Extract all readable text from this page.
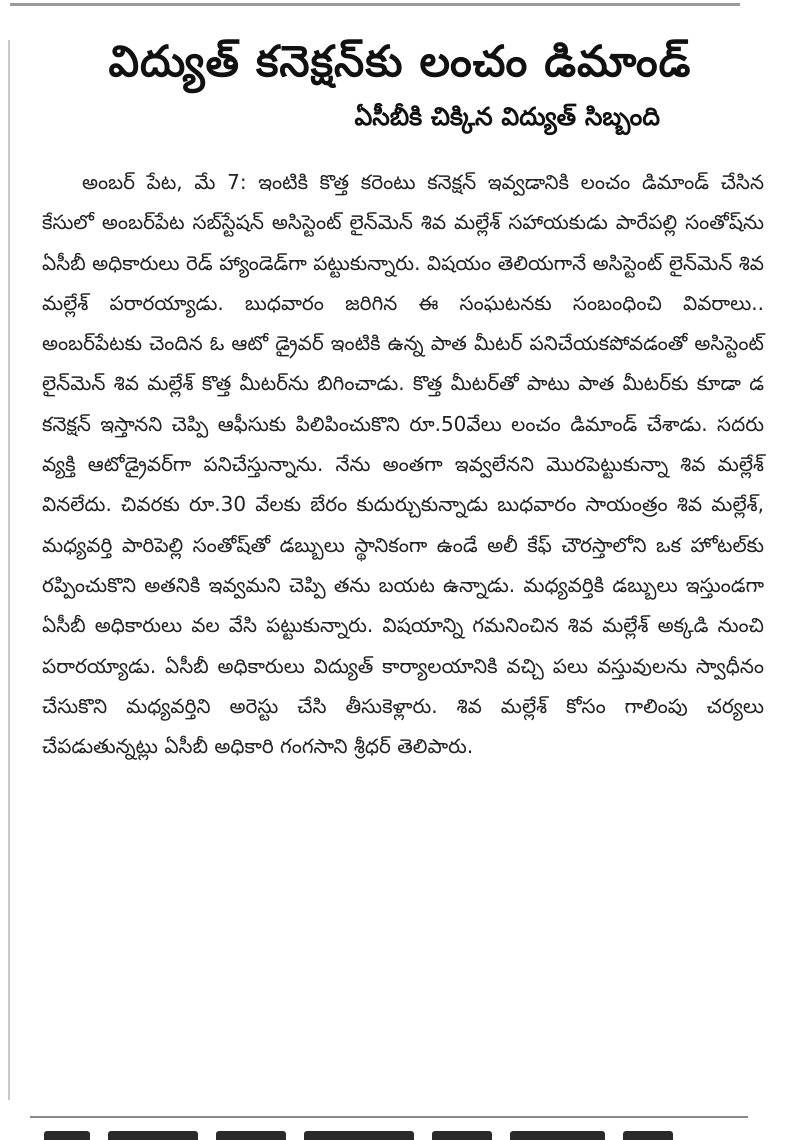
విద్యుత్ కనెక్షన్‌కు లంచం డిమాండ్
ఏసీబీకి చిక్కిన విద్యుత్ సిబ్బంది

అంబర్ పేట, మే 7: ఇంటికి కొత్త కరెంటు కనెక్షన్ ఇవ్వడానికి లంచం డిమాండ్ చేసిన కేసులో అంబర్‌పేట సబ్‌స్టేషన్ అసిస్టెంట్ లైన్‌మెన్ శివ మల్లేశ్ సహాయకుడు పారేపల్లి సంతోష్‌ను ఏసీబీ అధికారులు రెడ్ హ్యాండెడ్‌గా పట్టుకున్నారు. విషయం తెలియగానే అసిస్టెంట్ లైన్‌మెన్ శివ మల్లేశ్ పరారయ్యాడు. బుధవారం జరిగిన ఈ సంఘటనకు సంబంధించి వివరాలు.. అంబర్‌పేటకు చెందిన ఓ ఆటో డ్రైవర్ ఇంటికి ఉన్న పాత మీటర్ పనిచేయకపోవడంతో అసిస్టెంట్ లైన్‌మెన్ శివ మల్లేశ్ కొత్త మీటర్‌ను బిగించాడు. కొత్త మీటర్‌తో పాటు పాత మీటర్‌కు కూడా డ కనెక్షన్ ఇస్తానని చెప్పి ఆఫీసుకు పిలిపించుకొని రూ.50వేలు లంచం డిమాండ్ చేశాడు. సదరు వ్యక్తి ఆటోడ్రైవర్‌గా పనిచేస్తున్నాను. నేను అంతగా ఇవ్వలేనని మొరపెట్టుకున్నా శివ మల్లేశ్ వినలేదు. చివరకు రూ.30 వేలకు బేరం కుదుర్చుకున్నాడు బుధవారం సాయంత్రం శివ మల్లేశ్, మధ్యవర్తి పారిపెల్లి సంతోష్‌తో డబ్బులు స్థానికంగా ఉండే అలీ కేఫ్ చౌరస్తాలోని ఒక హోటల్‌కు రప్పించుకొని అతనికి ఇవ్వమని చెప్పి తను బయట ఉన్నాడు. మధ్యవర్తికి డబ్బులు ఇస్తుండగా ఏసీబీ అధికారులు వల వేసి పట్టుకున్నారు. విషయాన్ని గమనించిన శివ మల్లేశ్ అక్కడి నుంచి పరారయ్యాడు. ఏసీబీ అధికారులు విద్యుత్ కార్యాలయానికి వచ్చి పలు వస్తువులను స్వాధీనం చేసుకొని మధ్యవర్తిని అరెస్టు చేసి తీసుకెళ్లారు. శివ మల్లేశ్ కోసం గాలింపు చర్యలు చేపడుతున్నట్లు ఏసీబీ అధికారి గంగసాని శ్రీధర్ తెలిపారు.
